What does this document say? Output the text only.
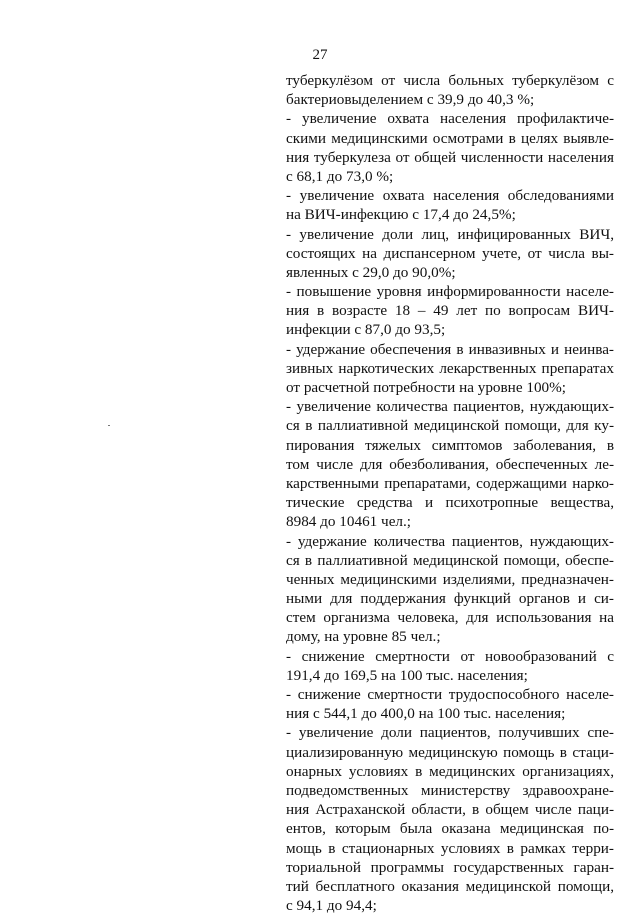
27
туберкулёзом от числа больных туберкулёзом с
бактериовыделением с 39,9 до 40,3 %;
- увеличение охвата населения профилактиче-
скими медицинскими осмотрами в целях выявле-
ния туберкулеза от общей численности населения
с 68,1 до 73,0 %;
- увеличение охвата населения обследованиями
на ВИЧ-инфекцию с 17,4 до 24,5%;
- увеличение доли лиц, инфицированных ВИЧ,
состоящих на диспансерном учете, от числа вы-
явленных с 29,0 до 90,0%;
- повышение уровня информированности населе-
ния в возрасте 18 – 49 лет по вопросам ВИЧ-
инфекции с 87,0 до 93,5;
- удержание обеспечения в инвазивных и неинва-
зивных наркотических лекарственных препаратах
от расчетной потребности на уровне 100%;
- увеличение количества пациентов, нуждающих-
ся в паллиативной медицинской помощи, для ку-
пирования тяжелых симптомов заболевания, в
том числе для обезболивания, обеспеченных ле-
карственными препаратами, содержащими нарко-
тические средства и психотропные вещества,
8984 до 10461 чел.;
- удержание количества пациентов, нуждающих-
ся в паллиативной медицинской помощи, обеспе-
ченных медицинскими изделиями, предназначен-
ными для поддержания функций органов и си-
стем организма человека, для использования на
дому, на уровне 85 чел.;
- снижение смертности от новообразований с
191,4 до 169,5 на 100 тыс. населения;
- снижение смертности трудоспособного населе-
ния с 544,1 до 400,0 на 100 тыс. населения;
- увеличение доли пациентов, получивших спе-
циализированную медицинскую помощь в стаци-
онарных условиях в медицинских организациях,
подведомственных министерству здравоохране-
ния Астраханской области, в общем числе паци-
ентов, которым была оказана медицинская по-
мощь в стационарных условиях в рамках терри-
ториальной программы государственных гаран-
тий бесплатного оказания медицинской помощи,
с 94,1 до 94,4;
